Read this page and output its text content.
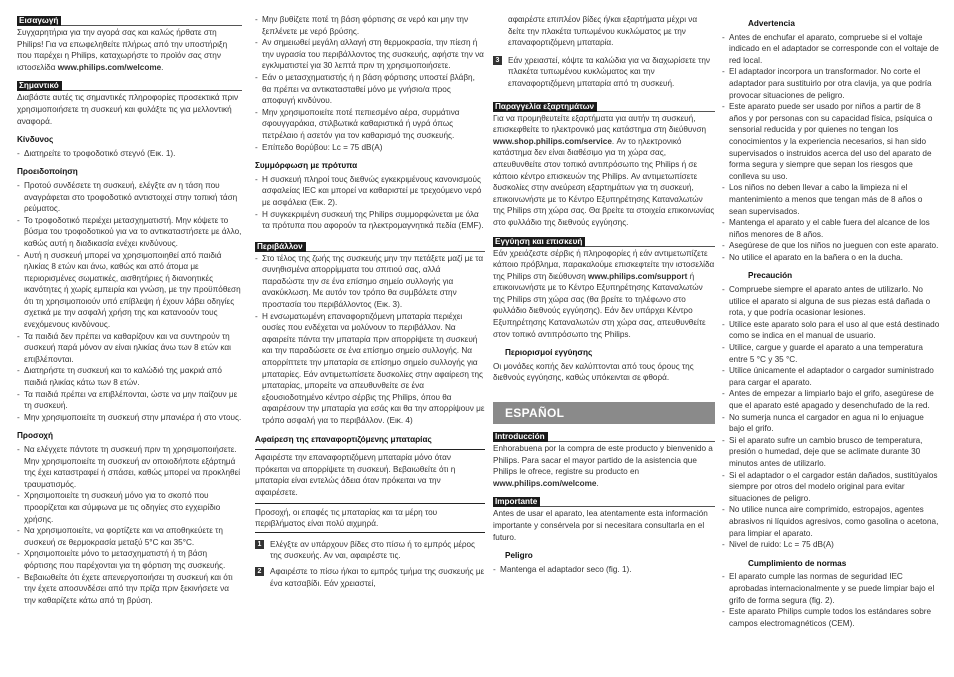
Εισαγωγή
Συγχαρητήρια για την αγορά σας και καλώς ήρθατε στη Philips! Για να επωφεληθείτε πλήρως από την υποστήριξη που παρέχει η Philips, καταχωρήστε το προϊόν σας στην ιστοσελίδα www.philips.com/welcome.
Σημαντικό
Διαβάστε αυτές τις σημαντικές πληροφορίες προσεκτικά πριν χρησιμοποιήσετε τη συσκευή και φυλάξτε τις για μελλοντική αναφορά.
Κίνδυνος
- Διατηρείτε το τροφοδοτικό στεγνό (Εικ. 1).
Προειδοποίηση
- Προτού συνδέσετε τη συσκευή, ελέγξτε αν η τάση που αναγράφεται στο τροφοδοτικό αντιστοιχεί στην τοπική τάση ρεύματος.
- Το τροφοδοτικό περιέχει μετασχηματιστή. Μην κόψετε το βύσμα του τροφοδοτικού για να το αντικαταστήσετε με άλλο, καθώς αυτή η διαδικασία ενέχει κινδύνους.
- Αυτή η συσκευή μπορεί να χρησιμοποιηθεί από παιδιά ηλικίας 8 ετών και άνω, καθώς και από άτομα με περιορισμένες σωματικές, αισθητήριες ή διανοητικές ικανότητες ή χωρίς εμπειρία και γνώση, με την προϋπόθεση ότι τη χρησιμοποιούν υπό επίβλεψη ή έχουν λάβει οδηγίες σχετικά με την ασφαλή χρήση της και κατανοούν τους ενεχόμενους κινδύνους.
- Τα παιδιά δεν πρέπει να καθαρίζουν και να συντηρούν τη συσκευή παρά μόνον αν είναι ηλικίας άνω των 8 ετών και επιβλέπονται.
- Διατηρήστε τη συσκευή και το καλώδιό της μακριά από παιδιά ηλικίας κάτω των 8 ετών.
- Τα παιδιά πρέπει να επιβλέπονται, ώστε να μην παίζουν με τη συσκευή.
- Μην χρησιμοποιείτε τη συσκευή στην μπανιέρα ή στο ντους.
Προσοχή
- Να ελέγχετε πάντοτε τη συσκευή πριν τη χρησιμοποιήσετε. Μην χρησιμοποιείτε τη συσκευή αν οποιοδήποτε εξάρτημά της έχει καταστραφεί ή σπάσει, καθώς μπορεί να προκληθεί τραυματισμός.
- Χρησιμοποιείτε τη συσκευή μόνο για το σκοπό που προορίζεται και σύμφωνα με τις οδηγίες στο εγχειρίδιο χρήσης.
- Να χρησιμοποιείτε, να φορτίζετε και να αποθηκεύετε τη συσκευή σε θερμοκρασία μεταξύ 5°C και 35°C.
- Χρησιμοποιείτε μόνο το μετασχηματιστή ή τη βάση φόρτισης που παρέχονται για τη φόρτιση της συσκευής.
- Βεβαιωθείτε ότι έχετε απενεργοποιήσει τη συσκευή και ότι την έχετε αποσυνδέσει από την πρίζα πριν ξεκινήσετε να την καθαρίζετε κάτω από τη βρύση.
- Μην βυθίζετε ποτέ τη βάση φόρτισης σε νερό και μην την ξεπλένετε με νερό βρύσης.
- Αν σημειωθεί μεγάλη αλλαγή στη θερμοκρασία, την πίεση ή την υγρασία του περιβάλλοντος της συσκευής, αφήστε την να εγκλιματιστεί για 30 λεπτά πριν τη χρησιμοποιήσετε.
- Εάν ο μετασχηματιστής ή η βάση φόρτισης υποστεί βλάβη, θα πρέπει να αντικατασταθεί μόνο με γνήσιο/α προς αποφυγή κινδύνου.
- Μην χρησιμοποιείτε ποτέ πεπιεσμένο αέρα, συρμάτινα σφουγγαράκια, στιλβωτικά καθαριστικά ή υγρά όπως πετρέλαιο ή ασετόν για τον καθαρισμό της συσκευής.
- Επίπεδο θορύβου: Lc = 75 dB(A)
Συμμόρφωση με πρότυπα
- Η συσκευή πληροί τους διεθνώς εγκεκριμένους κανονισμούς ασφαλείας IEC και μπορεί να καθαριστεί με τρεχούμενο νερό με ασφάλεια (Εικ. 2).
- Η συγκεκριμένη συσκευή της Philips συμμορφώνεται με όλα τα πρότυπα που αφορούν τα ηλεκτρομαγνητικά πεδία (EMF).
Περιβάλλον
- Στο τέλος της ζωής της συσκευής μην την πετάξετε μαζί με τα συνηθισμένα απορρίμματα του σπιτιού σας, αλλά παραδώστε την σε ένα επίσημο σημείο συλλογής για ανακύκλωση. Με αυτόν τον τρόπο θα συμβάλετε στην προστασία του περιβάλλοντος (Εικ. 3).
- Η ενσωματωμένη επαναφορτιζόμενη μπαταρία περιέχει ουσίες που ενδέχεται να μολύνουν το περιβάλλον. Να αφαιρείτε πάντα την μπαταρία πριν απορρίψετε τη συσκευή και την παραδώσετε σε ένα επίσημο σημείο συλλογής. Να απορρίπτετε την μπαταρία σε επίσημο σημείο συλλογής για μπαταρίες. Εάν αντιμετωπίσετε δυσκολίες στην αφαίρεση της μπαταρίας, μπορείτε να απευθυνθείτε σε ένα εξουσιοδοτημένο κέντρο σέρβις της Philips, όπου θα αφαιρέσουν την μπαταρία για εσάς και θα την απορρίψουν με τρόπο ασφαλή για το περιβάλλον. (Εικ. 4)
Αφαίρεση της επαναφορτιζόμενης μπαταρίας
Αφαιρέστε την επαναφορτιζόμενη μπαταρία μόνο όταν πρόκειται να απορρίψετε τη συσκευή. Βεβαιωθείτε ότι η μπαταρία είναι εντελώς άδεια όταν πρόκειται να την αφαιρέσετε.
Προσοχή, οι επαφές τις μπαταρίας και τα μέρη του περιβλήματος είναι πολύ αιχμηρά.
1	Ελέγξτε αν υπάρχουν βίδες στο πίσω ή το εμπρός μέρος της συσκευής. Αν ναι, αφαιρέστε τις.
2	Αφαιρέστε το πίσω ή/και το εμπρός τμήμα της συσκευής με ένα κατσαβίδι. Εάν χρειαστεί,
αφαιρέστε επιπλέον βίδες ή/και εξαρτήματα μέχρι να δείτε την πλακέτα τυπωμένου κυκλώματος με την επαναφορτιζόμενη μπαταρία.
3	Εάν χρειαστεί, κόψτε τα καλώδια για να διαχωρίσετε την πλακέτα τυπωμένου κυκλώματος και την επαναφορτιζόμενη μπαταρία από τη συσκευή.
Παραγγελία εξαρτημάτων
Για να προμηθευτείτε εξαρτήματα για αυτήν τη συσκευή, επισκεφθείτε το ηλεκτρονικό μας κατάστημα στη διεύθυνση www.shop.philips.com/service. Αν το ηλεκτρονικό κατάστημα δεν είναι διαθέσιμο για τη χώρα σας, απευθυνθείτε στον τοπικό αντιπρόσωπο της Philips ή σε κάποιο κέντρο επισκευών της Philips. Αν αντιμετωπίσετε δυσκολίες στην ανεύρεση εξαρτημάτων για τη συσκευή, επικοινωνήστε με το Κέντρο Εξυπηρέτησης Καταναλωτών της Philips στη χώρα σας. Θα βρείτε τα στοιχεία επικοινωνίας στο φυλλάδιο της διεθνούς εγγύησης.
Εγγύηση και επισκευή
Εάν χρειάζεστε σέρβις ή πληροφορίες ή εάν αντιμετωπίζετε κάποιο πρόβλημα, παρακαλούμε επισκεφτείτε την ιστοσελίδα της Philips στη διεύθυνση www.philips.com/support ή επικοινωνήστε με το Κέντρο Εξυπηρέτησης Καταναλωτών της Philips στη χώρα σας (θα βρείτε το τηλέφωνο στο φυλλάδιο διεθνούς εγγύησης). Εάν δεν υπάρχει Κέντρο Εξυπηρέτησης Καταναλωτών στη χώρα σας, απευθυνθείτε στον τοπικό αντιπρόσωπο της Philips.
Περιορισμοί εγγύησης
Οι μονάδες κοπής δεν καλύπτονται από τους όρους της διεθνούς εγγύησης, καθώς υπόκεινται σε φθορά.
ESPAÑOL
Introducción
Enhorabuena por la compra de este producto y bienvenido a Philips. Para sacar el mayor partido de la asistencia que Philips le ofrece, registre su producto en www.philips.com/welcome.
Importante
Antes de usar el aparato, lea atentamente esta información importante y consérvela por si necesitara consultarla en el futuro.
Peligro
- Mantenga el adaptador seco (fig. 1).
Advertencia
- Antes de enchufar el aparato, compruebe si el voltaje indicado en el adaptador se corresponde con el voltaje de red local.
- El adaptador incorpora un transformador. No corte el adaptador para sustituirlo por otra clavija, ya que podría provocar situaciones de peligro.
- Este aparato puede ser usado por niños a partir de 8 años y por personas con su capacidad física, psíquica o sensorial reducida y por quienes no tengan los conocimientos y la experiencia necesarios, si han sido supervisados o instruidos acerca del uso del aparato de forma segura y siempre que sepan los riesgos que conlleva su uso.
- Los niños no deben llevar a cabo la limpieza ni el mantenimiento a menos que tengan más de 8 años o sean supervisados.
- Mantenga el aparato y el cable fuera del alcance de los niños menores de 8 años.
- Asegúrese de que los niños no jueguen con este aparato.
- No utilice el aparato en la bañera o en la ducha.
Precaución
- Compruebe siempre el aparato antes de utilizarlo. No utilice el aparato si alguna de sus piezas está dañada o rota, y que podría ocasionar lesiones.
- Utilice este aparato solo para el uso al que está destinado como se indica en el manual de usuario.
- Utilice, cargue y guarde el aparato a una temperatura entre 5 °C y 35 °C.
- Utilice únicamente el adaptador o cargador suministrado para cargar el aparato.
- Antes de empezar a limpiarlo bajo el grifo, asegúrese de que el aparato esté apagado y desenchufado de la red.
- No sumerja nunca el cargador en agua ni lo enjuague bajo el grifo.
- Si el aparato sufre un cambio brusco de temperatura, presión o humedad, deje que se aclimate durante 30 minutos antes de utilizarlo.
- Si el adaptador o el cargador están dañados, sustitúyalos siempre por otros del modelo original para evitar situaciones de peligro.
- No utilice nunca aire comprimido, estropajos, agentes abrasivos ni líquidos agresivos, como gasolina o acetona, para limpiar el aparato.
- Nivel de ruido: Lc = 75 dB(A)
Cumplimiento de normas
- El aparato cumple las normas de seguridad IEC aprobadas internacionalmente y se puede limpiar bajo el grifo de forma segura (fig. 2).
- Este aparato Philips cumple todos los estándares sobre campos electromagnéticos (CEM).
